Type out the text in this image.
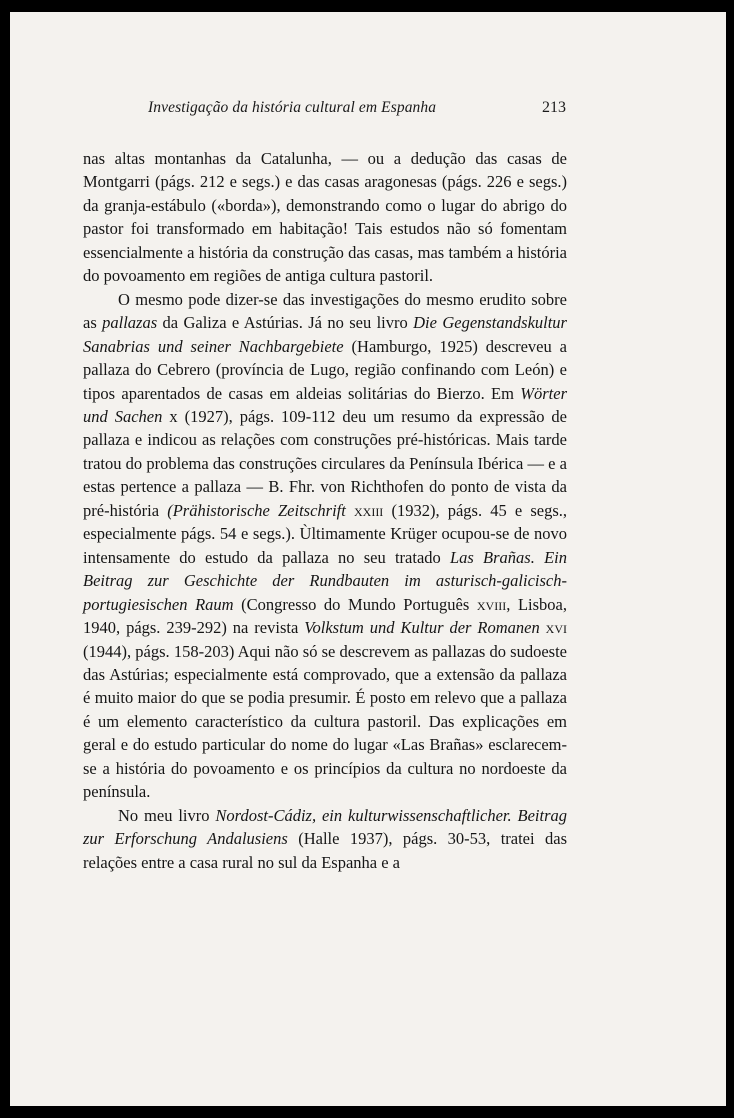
Investigação da história cultural em Espanha	213

nas altas montanhas da Catalunha, — ou a dedução das casas de Montgarri (págs. 212 e segs.) e das casas aragonesas (págs. 226 e segs.) da granja-estábulo («borda»), demonstrando como o lugar do abrigo do pastor foi transformado em habitação! Tais estudos não só fomentam essencialmente a história da construção das casas, mas também a história do povoamento em regiões de antiga cultura pastoril.

O mesmo pode dizer-se das investigações do mesmo erudito sobre as pallazas da Galiza e Astúrias. Já no seu livro Die Gegenstandskultur Sanabrias und seiner Nachbargebiete (Hamburgo, 1925) descreveu a pallaza do Cebrero (província de Lugo, região confinando com León) e tipos aparentados de casas em aldeias solitárias do Bierzo. Em Wörter und Sachen x (1927), págs. 109-112 deu um resumo da expressão de pallaza e indicou as relações com construções pré-históricas. Mais tarde tratou do problema das construções circulares da Península Ibérica — e a estas pertence a pallaza — B. Fhr. von Richthofen do ponto de vista da pré-história (Prähistorische Zeitschrift xxiii (1932), págs. 45 e segs., especialmente págs. 54 e segs.). Ùltimamente Krüger ocupou-se de novo intensamente do estudo da pallaza no seu tratado Las Brañas. Ein Beitrag zur Geschichte der Rundbauten im asturisch-galicisch-portugiesischen Raum (Congresso do Mundo Português xviii, Lisboa, 1940, págs. 239-292) na revista Volkstum und Kultur der Romanen xvi (1944), págs. 158-203) Aqui não só se descrevem as pallazas do sudoeste das Astúrias; especialmente está comprovado, que a extensão da pallaza é muito maior do que se podia presumir. É posto em relevo que a pallaza é um elemento característico da cultura pastoril. Das explicações em geral e do estudo particular do nome do lugar «Las Brañas» esclarecem-se a história do povoamento e os princípios da cultura no nordoeste da península.

No meu livro Nordost-Cádiz, ein kulturwissenschaftlicher. Beitrag zur Erforschung Andalusiens (Halle 1937), págs. 30-53, tratei das relações entre a casa rural no sul da Espanha e a
